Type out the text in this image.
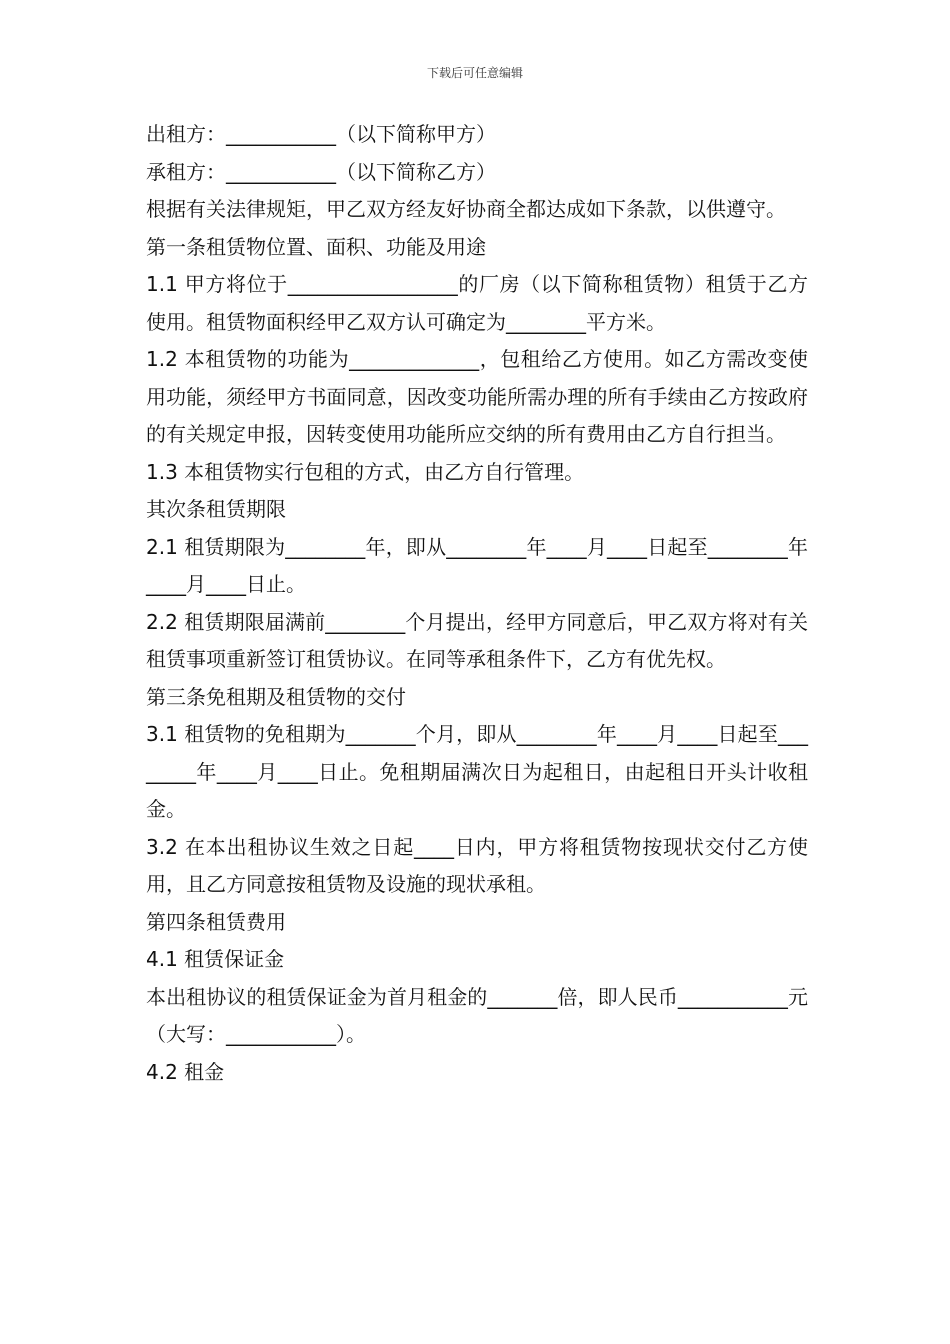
下载后可任意编辑

出租方：___________（以下简称甲方）

承租方：___________（以下简称乙方）

根据有关法律规矩，甲乙双方经友好协商全都达成如下条款，以供遵守。

第一条租赁物位置、面积、功能及用途

1.1 甲方将位于_________________的厂房（以下简称租赁物）租赁于乙方使用。租赁物面积经甲乙双方认可确定为________平方米。

1.2 本租赁物的功能为_____________，包租给乙方使用。如乙方需改变使用功能，须经甲方书面同意，因改变功能所需办理的所有手续由乙方按政府的有关规定申报，因转变使用功能所应交纳的所有费用由乙方自行担当。

1.3 本租赁物实行包租的方式，由乙方自行管理。

其次条租赁期限

2.1 租赁期限为________年，即从________年____月____日起至________年____月____日止。

2.2 租赁期限届满前________个月提出，经甲方同意后，甲乙双方将对有关租赁事项重新签订租赁协议。在同等承租条件下，乙方有优先权。

第三条免租期及租赁物的交付

3.1 租赁物的免租期为_______个月，即从________年____月____日起至________年____月____日止。免租期届满次日为起租日，由起租日开头计收租金。

3.2 在本出租协议生效之日起____日内，甲方将租赁物按现状交付乙方使用，且乙方同意按租赁物及设施的现状承租。

第四条租赁费用

4.1 租赁保证金

本出租协议的租赁保证金为首月租金的_______倍，即人民币___________元（大写：___________）。

4.2 租金
